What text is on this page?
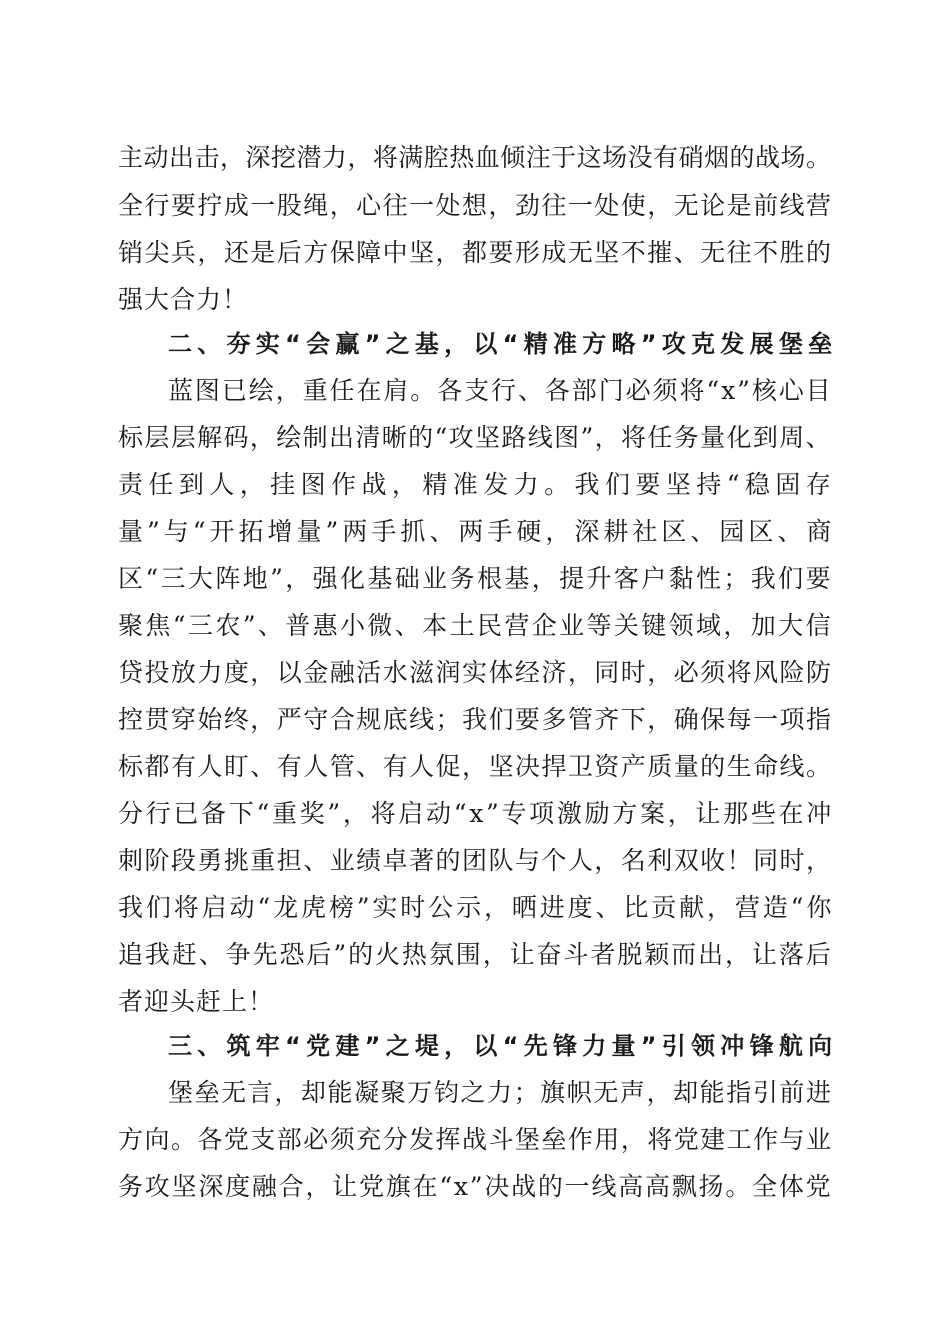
主动出击，深挖潜力，将满腔热血倾注于这场没有硝烟的战场。
全行要拧成一股绳，心往一处想，劲往一处使，无论是前线营
销尖兵，还是后方保障中坚，都要形成无坚不摧、无往不胜的
强大合力！
二、夯实“会赢”之基，以“精准方略”攻克发展堡垒
蓝图已绘，重任在肩。各支行、各部门必须将“x”核心目
标层层解码，绘制出清晰的“攻坚路线图”，将任务量化到周、
责任到人，挂图作战，精准发力。我们要坚持“稳固存
量”与“开拓增量”两手抓、两手硬，深耕社区、园区、商
区“三大阵地”，强化基础业务根基，提升客户黏性；我们要
聚焦“三农”、普惠小微、本土民营企业等关键领域，加大信
贷投放力度，以金融活水滋润实体经济，同时，必须将风险防
控贯穿始终，严守合规底线；我们要多管齐下，确保每一项指
标都有人盯、有人管、有人促，坚决捍卫资产质量的生命线。
分行已备下“重奖”，将启动“x”专项激励方案，让那些在冲
刺阶段勇挑重担、业绩卓著的团队与个人，名利双收！同时，
我们将启动“龙虎榜”实时公示，晒进度、比贡献，营造“你
追我赶、争先恐后”的火热氛围，让奋斗者脱颖而出，让落后
者迎头赶上！
三、筑牢“党建”之堤，以“先锋力量”引领冲锋航向
堡垒无言，却能凝聚万钧之力；旗帜无声，却能指引前进
方向。各党支部必须充分发挥战斗堡垒作用，将党建工作与业
务攻坚深度融合，让党旗在“x”决战的一线高高飘扬。全体党
